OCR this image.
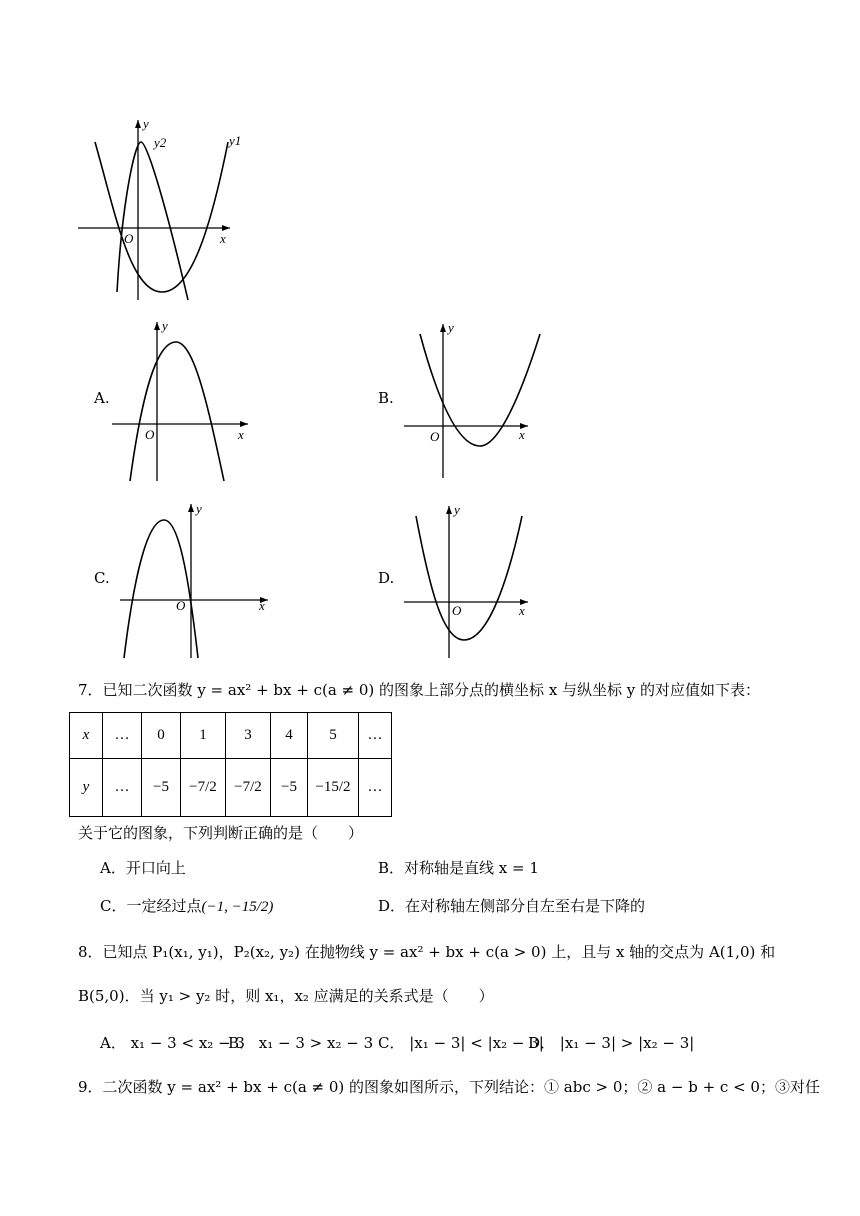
y
y2	y1
O	x
A.
y
O	x
B.
y
O	x
C.
y
O	x
D.
y
O	x
7．已知二次函数 y = ax² + bx + c(a ≠ 0) 的图象上部分点的横坐标 x 与纵坐标 y 的对应值如下表：
x	…	0	1	3	4	5	…
y	…	−5	−7/2	−7/2	−5	−15/2	…
关于它的图象，下列判断正确的是（　　）
A．开口向上	B．对称轴是直线 x = 1
C．一定经过点(−1, −15/2)	D．在对称轴左侧部分自左至右是下降的
8．已知点 P₁(x₁, y₁)，P₂(x₂, y₂) 在抛物线 y = ax² + bx + c(a > 0) 上，且与 x 轴的交点为 A(1,0) 和
B(5,0)．当 y₁ > y₂ 时，则 x₁，x₂ 应满足的关系式是（　　）
A． x₁ − 3 < x₂ − 3
B． x₁ − 3 > x₂ − 3 C． |x₁ − 3| < |x₂ − 3|
D． |x₁ − 3| > |x₂ − 3|
9．二次函数 y = ax² + bx + c(a ≠ 0) 的图象如图所示，下列结论：① abc > 0；② a − b + c < 0；③对任
